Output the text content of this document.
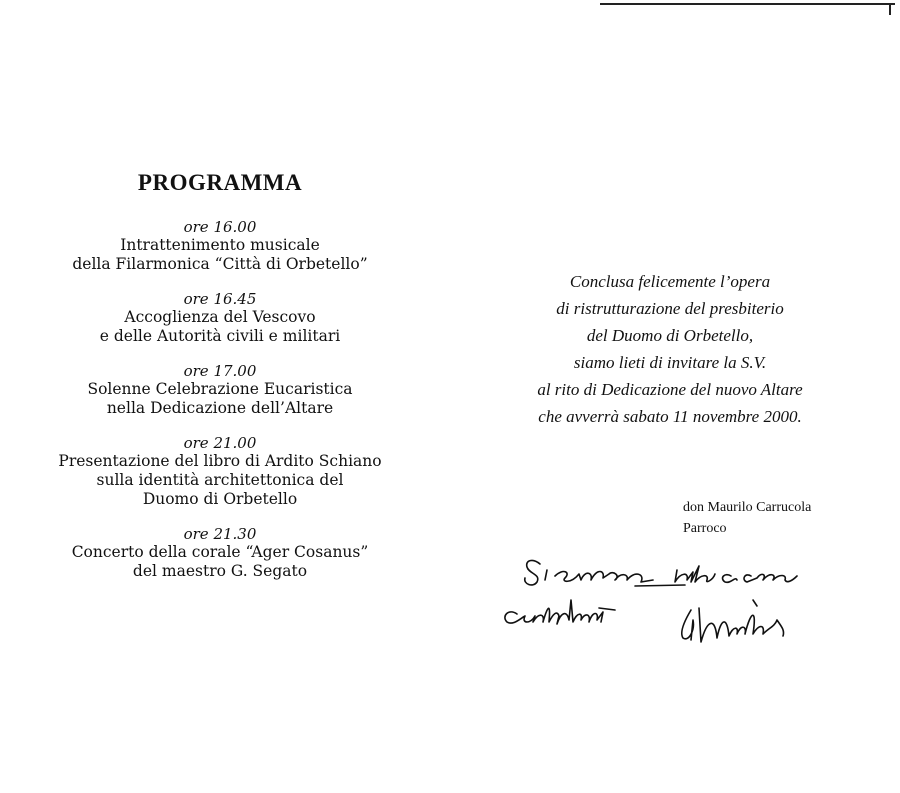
PROGRAMMA
ore 16.00
Intrattenimento musicale
della Filarmonica “Città di Orbetello”
ore 16.45
Accoglienza del Vescovo
e delle Autorità civili e militari
ore 17.00
Solenne Celebrazione Eucaristica
nella Dedicazione dell’Altare
ore 21.00
Presentazione del libro di Ardito Schiano
sulla identità architettonica del
Duomo di Orbetello
ore 21.30
Concerto della corale “Ager Cosanus”
del maestro G. Segato
Conclusa felicemente l’opera
di ristrutturazione del presbiterio
del Duomo di Orbetello,
siamo lieti di invitare la S.V.
al rito di Dedicazione del nuovo Altare
che avverrà sabato 11 novembre 2000.
don Maurilo Carrucola
Parroco
